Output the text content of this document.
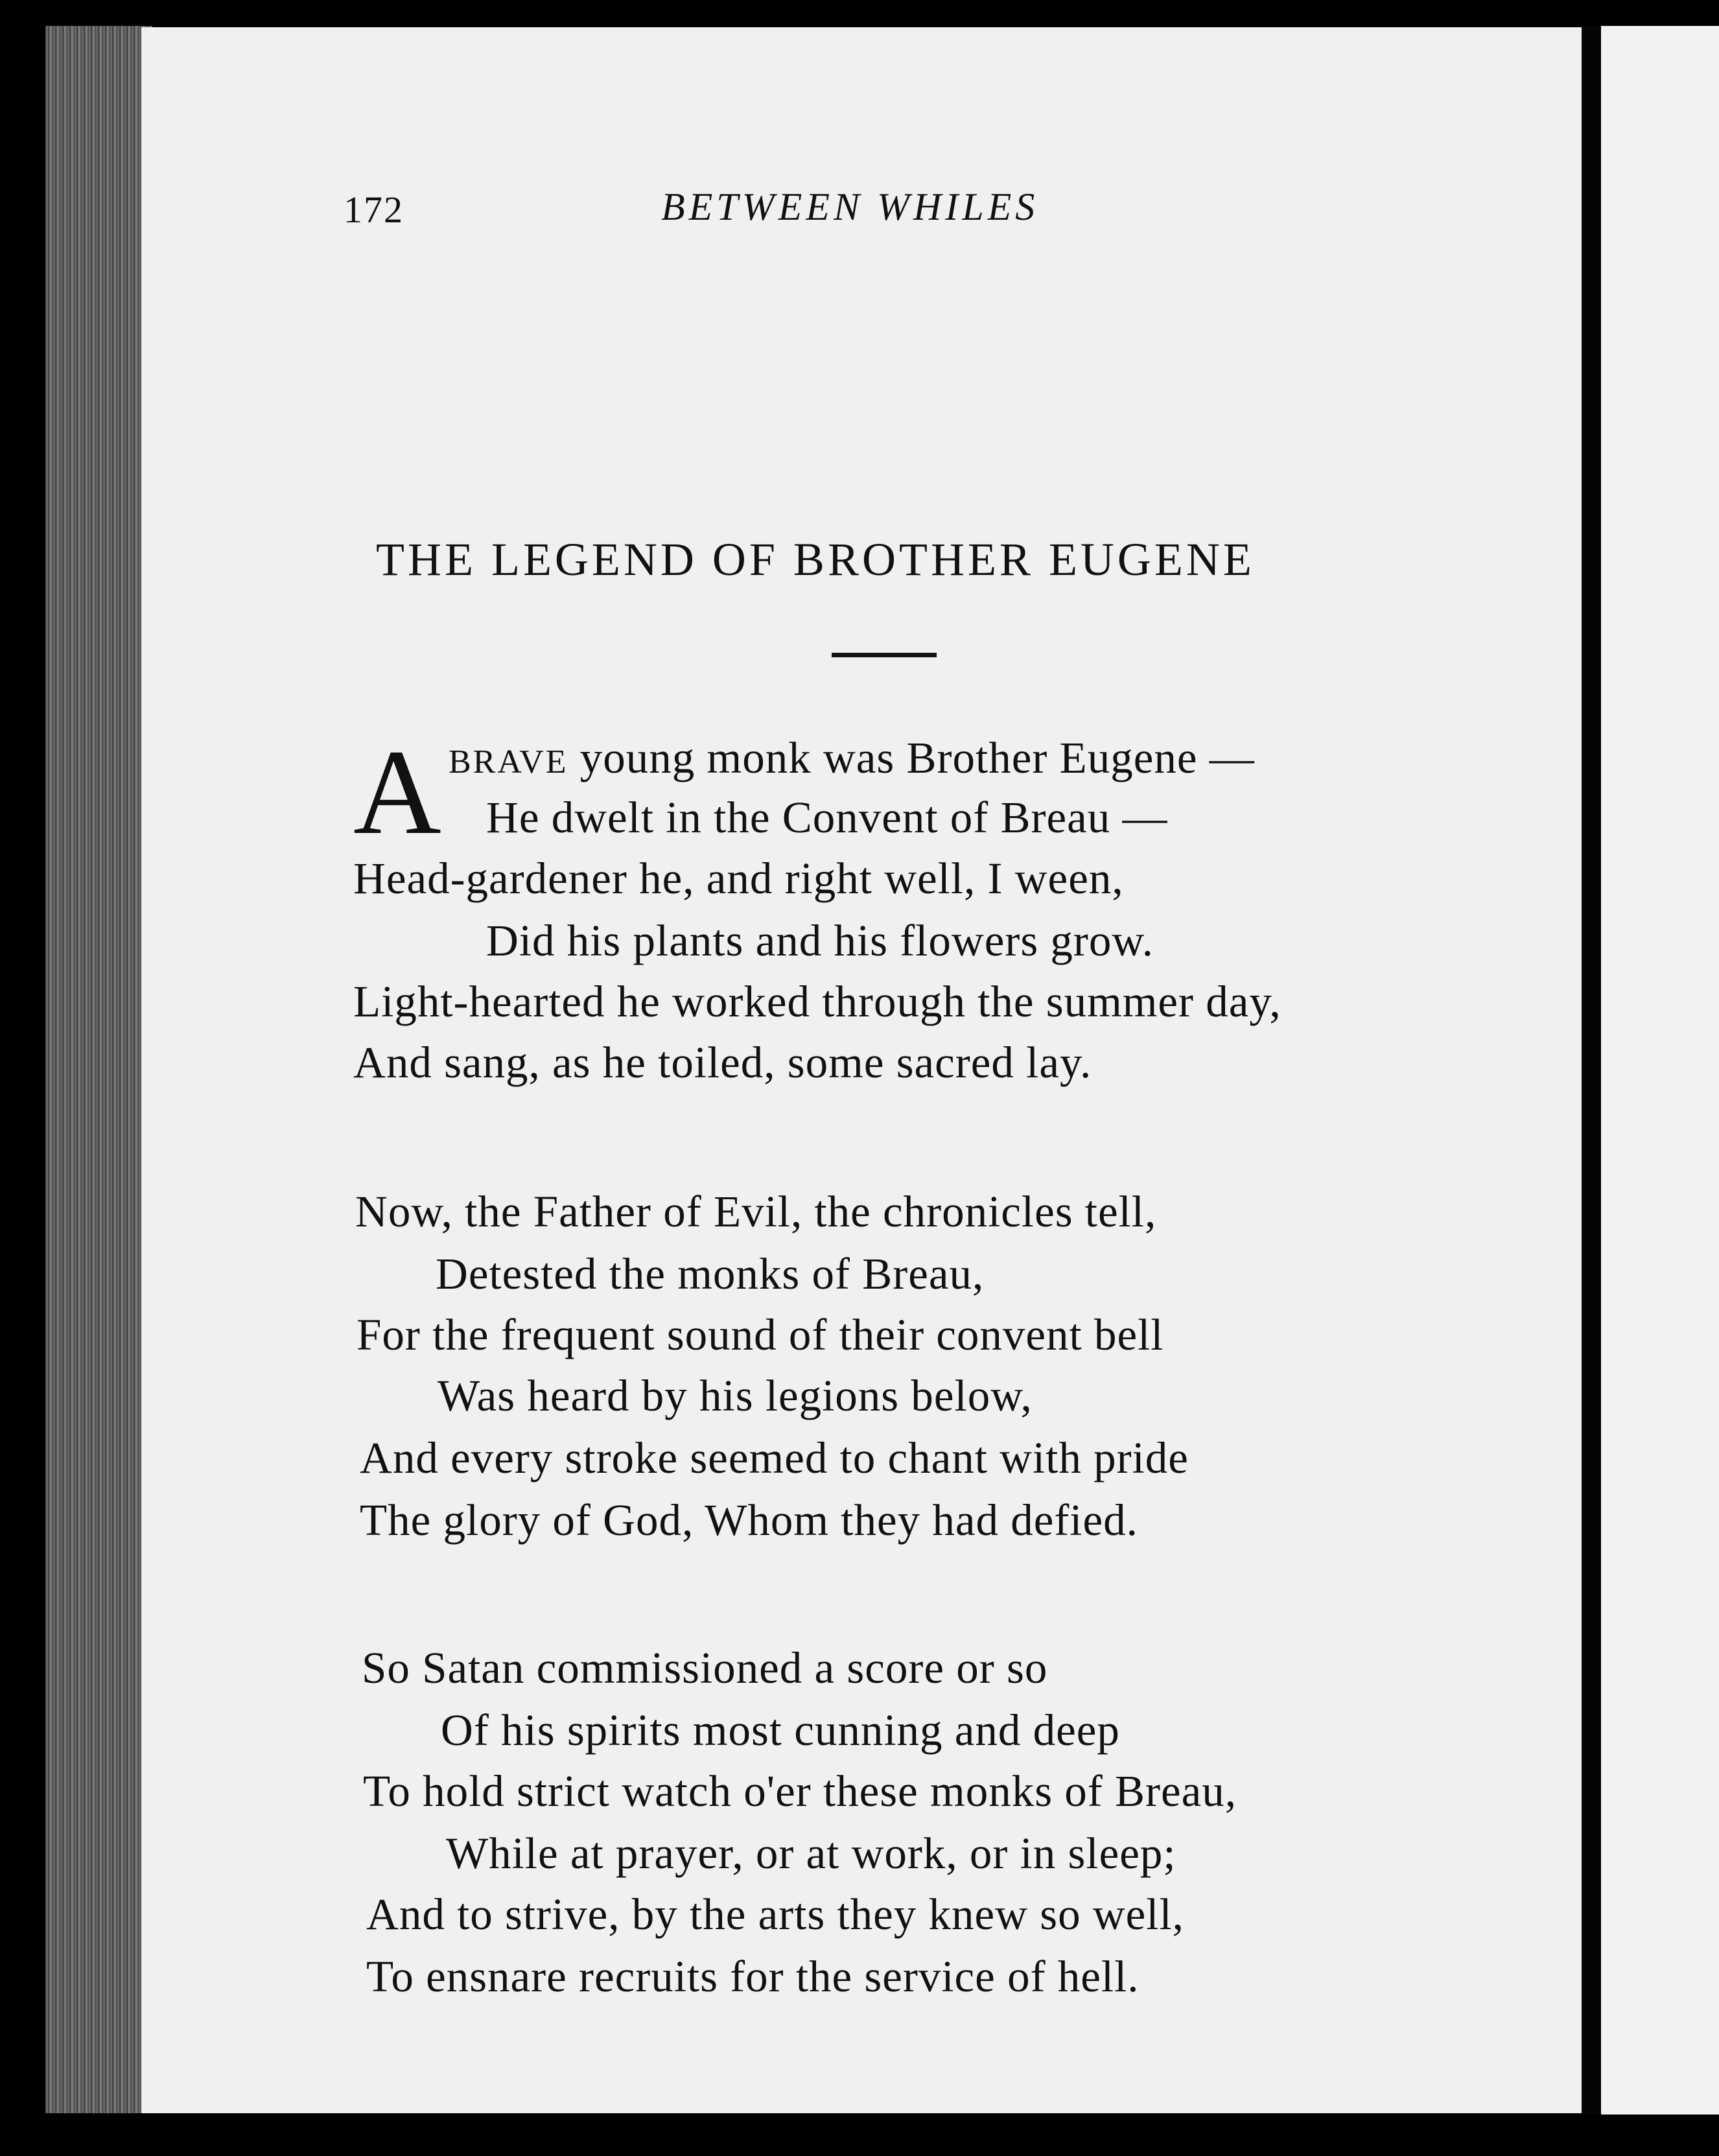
172	BETWEEN WHILES
THE LEGEND OF BROTHER EUGENE
A BRAVE young monk was Brother Eugene —
He dwelt in the Convent of Breau —
Head-gardener he, and right well, I ween,
Did his plants and his flowers grow.
Light-hearted he worked through the summer day,
And sang, as he toiled, some sacred lay.
Now, the Father of Evil, the chronicles tell,
Detested the monks of Breau,
For the frequent sound of their convent bell
Was heard by his legions below,
And every stroke seemed to chant with pride
The glory of God, Whom they had defied.
So Satan commissioned a score or so
Of his spirits most cunning and deep
To hold strict watch o'er these monks of Breau,
While at prayer, or at work, or in sleep;
And to strive, by the arts they knew so well,
To ensnare recruits for the service of hell.
